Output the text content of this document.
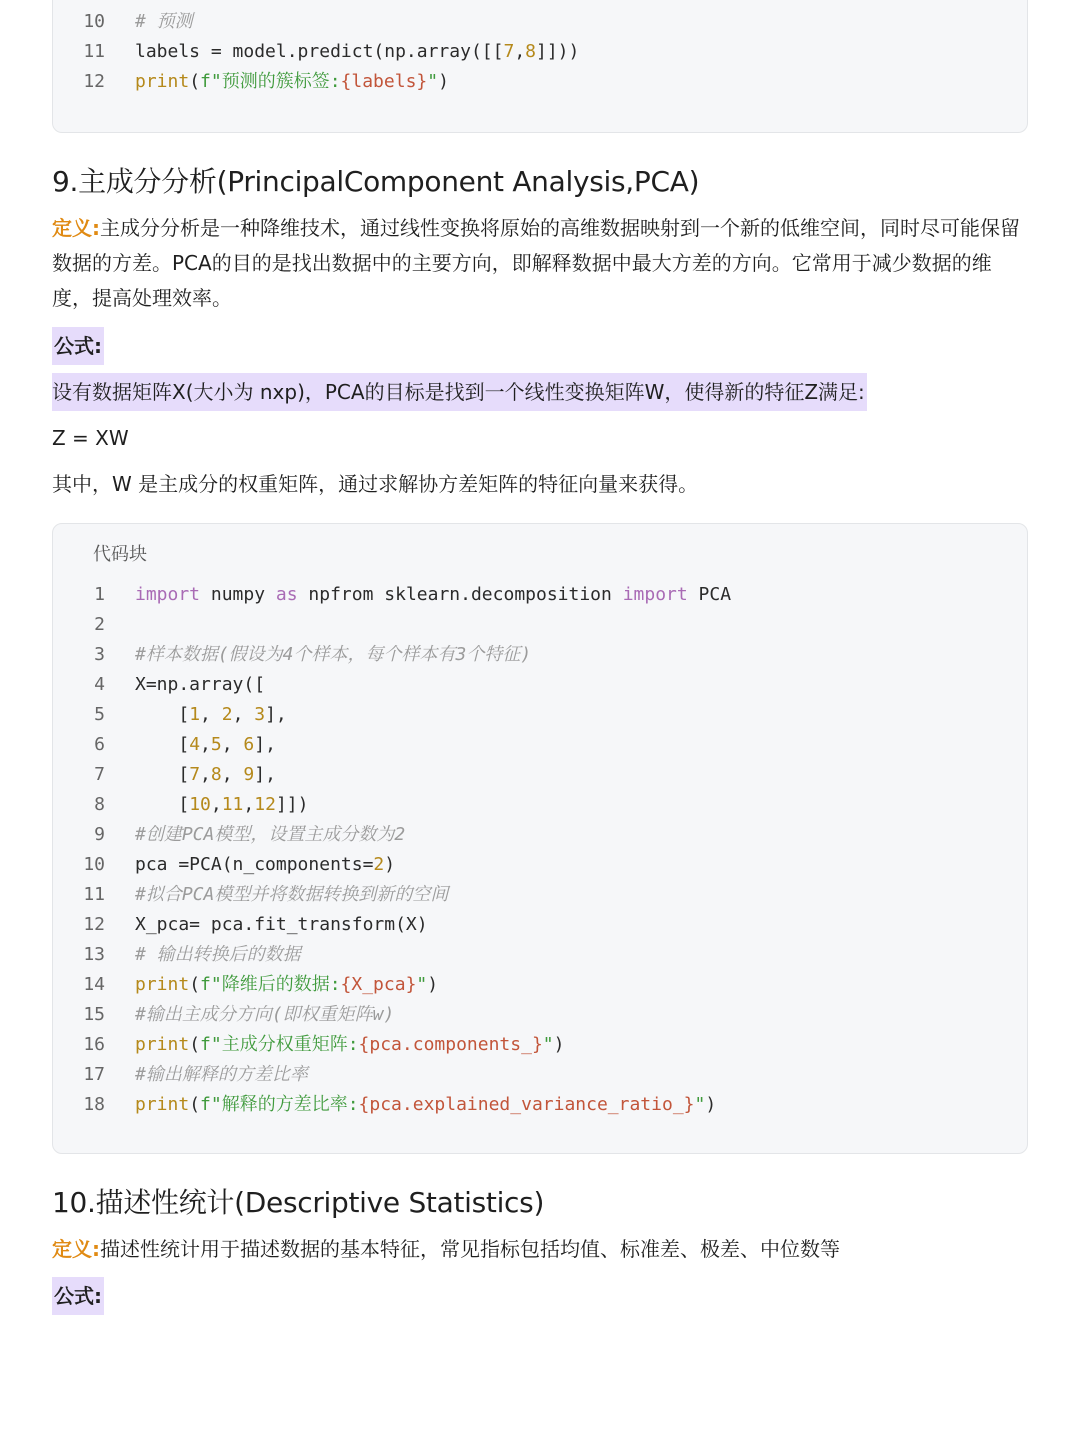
10 # 预测
11 labels = model.predict(np.array([[7,8]]))
12 print(f"预测的簇标签:{labels}")
9.主成分分析(PrincipalComponent Analysis,PCA)

定义:主成分分析是一种降维技术，通过线性变换将原始的高维数据映射到一个新的低维空间，同时尽可能保留数据的方差。PCA的目的是找出数据中的主要方向，即解释数据中最大方差的方向。它常用于减少数据的维度，提高处理效率。

公式:
设有数据矩阵X(大小为 nxp)，PCA的目标是找到一个线性变换矩阵W，使得新的特征Z满足:
Z = XW
其中，W 是主成分的权重矩阵，通过求解协方差矩阵的特征向量来获得。
代码块
1 import numpy as npfrom sklearn.decomposition import PCA
2
3 #样本数据(假设为4个样本，每个样本有3个特征)
4 X=np.array([
5 [1, 2, 3],
6 [4,5, 6],
7 [7,8, 9],
8 [10,11,12]])
9 #创建PCA模型，设置主成分数为2
10 pca =PCA(n_components=2)
11 #拟合PCA模型并将数据转换到新的空间
12 X_pca= pca.fit_transform(X)
13 # 输出转换后的数据
14 print(f"降维后的数据:{X_pca}")
15 #输出主成分方向(即权重矩阵w)
16 print(f"主成分权重矩阵:{pca.components_}")
17 #输出解释的方差比率
18 print(f"解释的方差比率:{pca.explained_variance_ratio_}")
10.描述性统计(Descriptive Statistics)

定义:描述性统计用于描述数据的基本特征，常见指标包括均值、标准差、极差、中位数等

公式:
